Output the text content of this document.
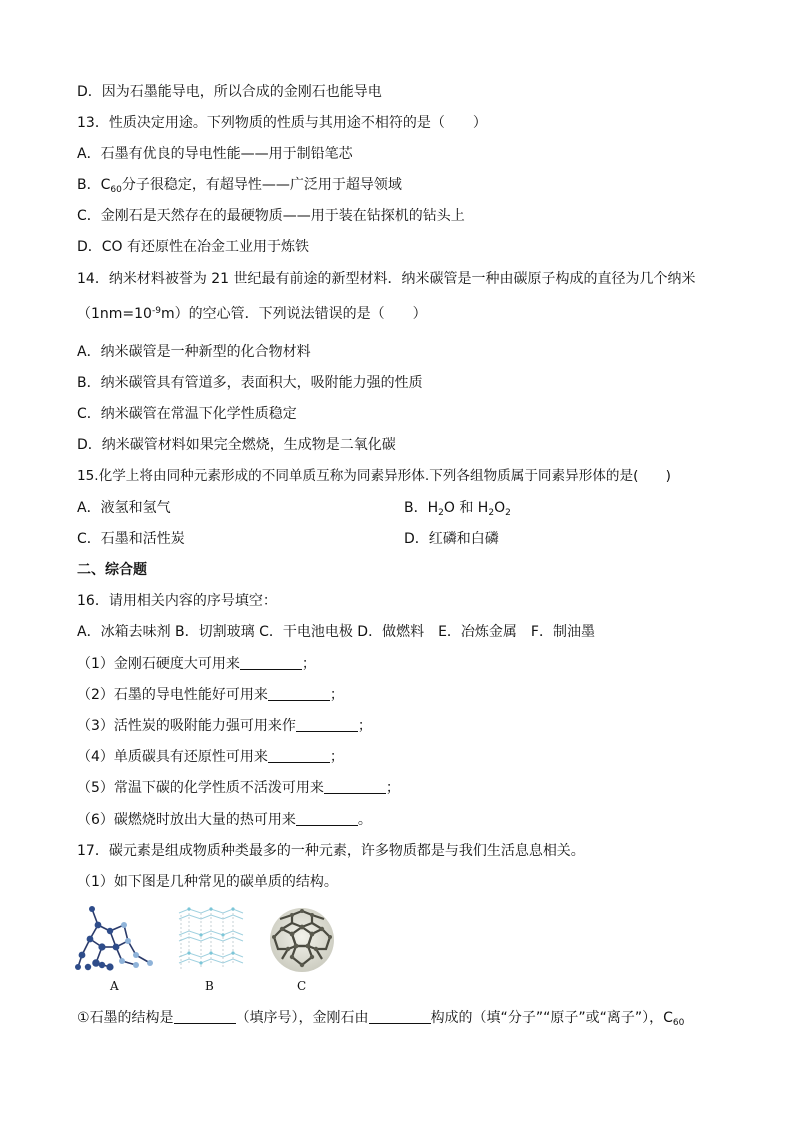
D．因为石墨能导电，所以合成的金刚石也能导电
13．性质决定用途。下列物质的性质与其用途不相符的是（　　）
A．石墨有优良的导电性能——用于制铅笔芯
B．$C_{60}$分子很稳定，有超导性——广泛用于超导领域
C．金刚石是天然存在的最硬物质——用于装在钻探机的钻头上
D．CO 有还原性在冶金工业用于炼铁
14．纳米材料被誉为 21 世纪最有前途的新型材料．纳米碳管是一种由碳原子构成的直径为几个纳米
$(1nm=10^{-9}m)$的空心管．下列说法错误的是（　　）
A．纳米碳管是一种新型的化合物材料
B．纳米碳管具有管道多，表面积大，吸附能力强的性质
C．纳米碳管在常温下化学性质稳定
D．纳米碳管材料如果完全燃烧，生成物是二氧化碳
15.化学上将由同种元素形成的不同单质互称为同素异形体.下列各组物质属于同素异形体的是(　　)
A．液氢和氢气	B．$H_2O$ 和 $H_2O_2$
C．石墨和活性炭	D．红磷和白磷
二、综合题
16．请用相关内容的序号填空：
A．冰箱去味剂 B．切割玻璃 C．干电池电极 D．做燃料　E．冶炼金属　F．制油墨
（1）金刚石硬度大可用来	；
（2）石墨的导电性能好可用来	；
（3）活性炭的吸附能力强可用来作	；
（4）单质碳具有还原性可用来	；
（5）常温下碳的化学性质不活泼可用来	；
（6）碳燃烧时放出大量的热可用来	。
17．碳元素是组成物质种类最多的一种元素，许多物质都是与我们生活息息相关。
（1）如下图是几种常见的碳单质的结构。
A	B	C
①石墨的结构是	（填序号），金刚石由	构成的（填“分子”“原子”或“离子”），$C_{60}$
